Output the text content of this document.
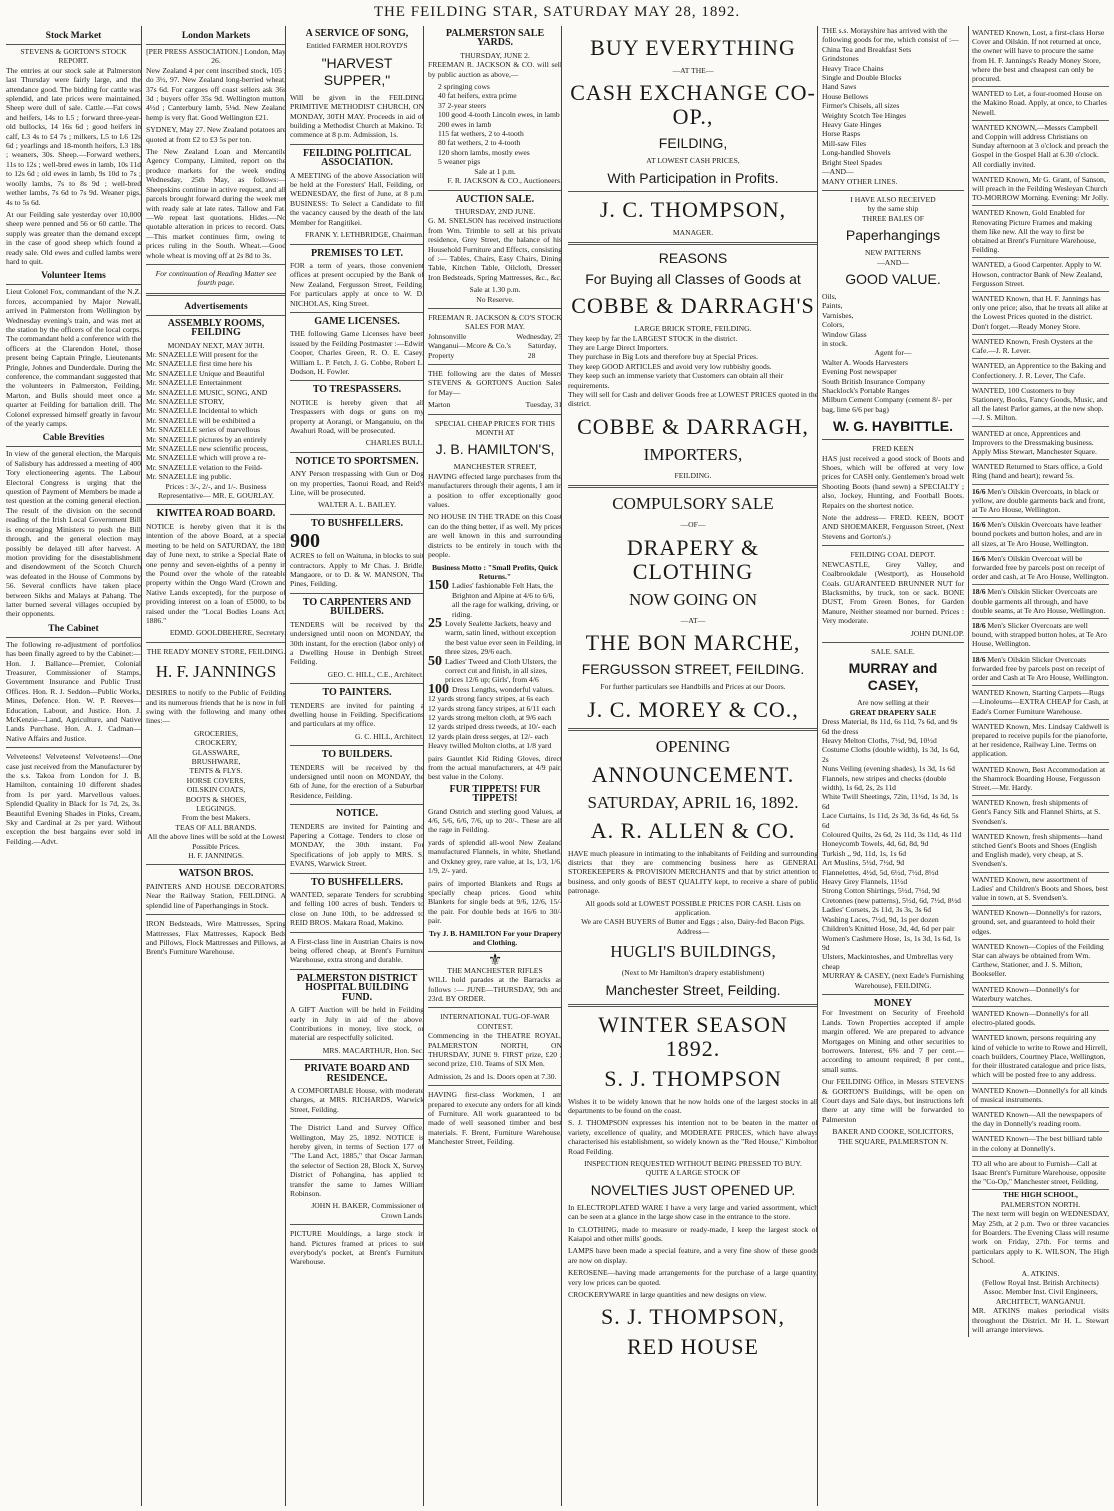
THE FEILDING STAR, SATURDAY MAY 28, 1892.
Stock Market
STEVENS & GORTON'S STOCK REPORT.

The entries at our stock sale at Palmerston last Thursday were fairly large, and the attendance good. The bidding for cattle was splendid, and late prices were maintained. Sheep were dull of sale. Cattle.—Fat cows and heifers, 14s to L5 ; forward three-year-old bullocks, 14 16s 6d ; good heifers in calf, L3 4s to £4 7s ; milkers, L5 to L6 12s 6d ; yearlings and 18-month heifers, L3 18s ; weaners, 30s. Sheep.—Forward wethers, 11s to 12s ; well-bred ewes in lamb, 10s 11d to 12s 6d ; old ewes in lamb, 9s 10d to 7s ; woolly lambs, 7s to 8s 9d ; well-bred wether lambs, 7s 6d to 7s 9d. Weaner pigs, 4s to 5s 6d.

At our Feilding sale yesterday over 10,000 sheep were penned and 56 or 60 cattle. The supply was greater than the demand except in the case of good sheep which found a ready sale. Old ewes and culled lambs were hard to quit.

Volunteer Items

Lieut Colonel Fox, commandant of the N.Z. forces, accompanied by Major Newall, arrived in Palmerston from Wellington by Wednesday evening's train, and was met at the station by the officers of the local corps. The commandant held a conference with the officers at the Clarendon Hotel, those present being Captain Pringle, Lieutenants Pringle, Johnes and Dunderdale. During the conference, the commandant suggested that the volunteers in Palmerston, Feilding, Marton, and Bulls should meet once a quarter at Feilding for battalion drill. The Colonel expressed himself greatly in favour of the yearly camps.

Cable Brevities

In view of the general election, the Marquis of Salisbury has addressed a meeting of 400 Tory electioneering agents. The Labour Electoral Congress is urging that the question of Payment of Members be made a test question at the coming general election. The result of the division on the second reading of the Irish Local Government Bill is encouraging Ministers to push the Bill through, and the general election may possibly be delayed till after harvest. A motion providing for the disestablishment and disendowment of the Scotch Church was defeated in the House of Commons by 56. Several conflicts have taken place between Sikhs and Malays at Pahang. The latter burned several villages occupied by their opponents.

The Cabinet

The following re-adjustment of portfolios has been finally agreed to by the Cabinet:— Hon. J. Ballance—Premier, Colonial Treasurer, Commissioner of Stamps, Government Insurance and Public Trust Offices. Hon. R. J. Seddon—Public Works, Mines, Defence. Hon. W. P. Reeves—Education, Labour, and Justice. Hon. J. McKenzie—Land, Agriculture, and Native Lands Purchase. Hon. A. J. Cadman—Native Affairs and Justice.

Velveteens! Velveteens! Velveteens!—One case just received from the Manufacturer by the s.s. Takoa from London for J. B. Hamilton, containing 10 different shades from 1s per yard. Marvellous values. Splendid Quality in Black for 1s 7d, 2s, 3s. Beautiful Evening Shades in Pinks, Cream, Sky and Cardinal at 2s per yard. Without exception the best bargains ever sold in Feilding.—Advt.

London Markets
[PER PRESS ASSOCIATION.] London, May 26.

New Zealand 4 per cent inscribed stock, 105 ; do 3½, 97. New Zealand long-berried wheat, 37s 6d. For cargoes off coast sellers ask 36s 3d ; buyers offer 35s 9d. Wellington mutton, 4½d ; Canterbury lamb, 5⅛d. New Zealand hemp is very flat. Good Wellington £21.

SYDNEY, May 27. New Zealand potatoes are quoted at from £2 to £3 5s per ton.

The New Zealand Loan and Mercantile Agency Company, Limited, report on the produce markets for the week ending Wednesday, 25th May, as follows:— Sheepskins continue in active request, and all parcels brought forward during the week met with ready sale at late rates. Tallow and Fat.—We repeat last quotations. Hides.—No quotable alteration in prices to record. Oats.—This market continues firm, owing to prices ruling in the South. Wheat.—Good whole wheat is moving off at 2s 8d to 3s.

For continuation of Reading Matter see fourth page.
Advertisements
ASSEMBLY ROOMS, FEILDING
MONDAY NEXT, MAY 30TH.
Mr. SNAZELLE Will present for the
Mr. SNAZELLE first time here his
Mr. SNAZELLE Unique and Beautiful
Mr. SNAZELLE Entertainment
Mr. SNAZELLE MUSIC, SONG, AND
Mr. SNAZELLE STORY,
Mr. SNAZELLE Incidental to which
Mr. SNAZELLE will be exhibited a
Mr. SNAZELLE series of marvellous
Mr. SNAZELLE pictures by an entirely
Mr. SNAZELLE new scientific process,
Mr. SNAZELLE which will prove a re-
Mr. SNAZELLE velation to the Feild-
Mr. SNAZELLE ing public.

Prices : 3/-, 2/-, and 1/-. Business Representative— MR. E. GOURLAY.

KIWITEA ROAD BOARD.

NOTICE is hereby given that it is the intention of the above Board, at a special meeting to be held on SATURDAY, the 18th day of June next, to strike a Special Rate of one penny and seven-eighths of a penny in the Pound over the whole of the rateable property within the Ongo Ward (Crown and Native Lands excepted), for the purpose of providing interest on a loan of £5000, to be raised under the "Local Bodies Loans Act, 1886."

EDMD. GOOLDBEHERE, Secretary.
THE READY MONEY STORE, FEILDING.
H. F. JANNINGS

DESIRES to notify to the Public of Feilding and its numerous friends that he is now in full swing with the following and many other lines:—

GROCERIES,
CROCKERY,
GLASSWARE,
BRUSHWARE,
TENTS & FLYS.
HORSE COVERS,
OILSKIN COATS,
BOOTS & SHOES,
LEGGINGS.
From the best Makers.
TEAS OF ALL BRANDS.
All the above lines will be sold at the Lowest Possible Prices.
H. F. JANNINGS.
WATSON BROS.

PAINTERS AND HOUSE DECORATORS. Near the Railway Station, FEILDING. A splendid line of Paperhangings in Stock.

IRON Bedsteads, Wire Mattresses, Spring Mattresses, Flax Mattresses, Kapock Beds and Pillows, Flock Mattresses and Pillows, at Brent's Furniture Warehouse.

A SERVICE OF SONG,
Entitled FARMER HOLROYD'S
"HARVEST SUPPER,"

Will be given in the FEILDING PRIMITIVE METHODIST CHURCH, ON MONDAY, 30TH MAY. Proceeds in aid of building a Methodist Church at Makino. To commence at 8 p.m. Admission, 1s.

FEILDING POLITICAL ASSOCIATION.

A MEETING of the above Association will be held at the Foresters' Hall, Feilding, on WEDNESDAY, the first of June, at 8 p.m. BUSINESS: To Select a Candidate to fill the vacancy caused by the death of the late Member for Rangitikei.

FRANK Y. LETHBRIDGE, Chairman.
PREMISES TO LET.

FOR a term of years, those convenient offices at present occupied by the Bank of New Zealand, Fergusson Street, Feilding. For particulars apply at once to W. D. NICHOLAS, King Street.

GAME LICENSES.

THE following Game Licenses have been issued by the Feilding Postmaster :—Edwin Cooper, Charles Green, R. O. E. Casey, William L. P. Fetch, J. G. Cobbe, Robert L. Dodson, H. Fowler.

TO TRESPASSERS.

NOTICE is hereby given that all Trespassers with dogs or guns on my property at Aorangi, or Manganuiu, on the Awahuri Road, will be prosecuted.

CHARLES BULL.
NOTICE TO SPORTSMEN.

ANY Person trespassing with Gun or Dog on my properties, Taonui Road, and Reid's Line, will be prosecuted.

WALTER A. L. BAILEY.
TO BUSHFELLERS.
900

ACRES to fell on Waituna, in blocks to suit contractors. Apply to Mr Chas. J. Bridle, Mangaore, or to D. & W. MANSON, The Pines, Feilding.

TO CARPENTERS AND BUILDERS.

TENDERS will be received by the undersigned until noon on MONDAY, the 30th instant, for the erection (labor only) of a Dwelling House in Denbigh Street, Feilding.

GEO. C. HILL, C.E., Architect.
TO PAINTERS.

TENDERS are invited for painting a dwelling house in Feilding. Specifications and particulars at my office.

G. C. HILL, Architect.
TO BUILDERS.

TENDERS will be received by the undersigned until noon on MONDAY, the 6th of June, for the erection of a Suburban Residence, Feilding.

NOTICE.

TENDERS are invited for Painting and Papering a Cottage. Tenders to close on MONDAY, the 30th instant. For Specifications of job apply to MRS. S. EVANS, Warwick Street.

TO BUSHFELLERS.

WANTED, separate Tenders for scrubbing and felling 100 acres of bush. Tenders to close on June 10th, to be addressed to REID BROS. Makara Road, Makino.

A First-class line in Austrian Chairs is now being offered cheap, at Brent's Furniture Warehouse, extra strong and durable.

PALMERSTON DISTRICT HOSPITAL BUILDING FUND.

A GIFT Auction will be held in Feilding early in July in aid of the above. Contributions in money, live stock, or material are respectfully solicited.

MRS. MACARTHUR, Hon. Sec.
PRIVATE BOARD AND RESIDENCE.

A COMFORTABLE House, with moderate charges, at MRS. RICHARDS, Warwick Street, Feilding.

The District Land and Survey Office, Wellington, May 25, 1892. NOTICE is hereby given, in terms of Section 177 of "The Land Act, 1885," that Oscar Jarman, the selector of Section 28, Block X, Survey District of Pohangina, has applied to transfer the same to James William Robinson.

JOHN H. BAKER, Commissioner of Crown Lands.

PICTURE Mouldings, a large stock in hand. Pictures framed at prices to suit everybody's pocket, at Brent's Furniture Warehouse.

PALMERSTON SALE YARDS.
THURSDAY, JUNE 2.

FREEMAN R. JACKSON & CO. will sell by public auction as above,—

2 springing cows
40 fat heifers, extra prime
37 2-year steers
100 good 4-tooth Lincoln ewes, in lamb
200 ewes in lamb
115 fat wethers, 2 to 4-tooth
80 fat wethers, 2 to 4-tooth
120 shorn lambs, mostly ewes
5 weaner pigs
Sale at 1 p.m.
F. R. JACKSON & CO., Auctioneers.
AUCTION SALE.
THURSDAY, 2ND JUNE.

G. M. SNELSON has received instructions from Wm. Trimble to sell at his private residence, Grey Street, the balance of his Household Furniture and Effects, consisting of :— Tables, Chairs, Easy Chairs, Dining Table, Kitchen Table, Oilcloth, Dresser, Iron Bedsteads, Spring Mattresses, &c., &c.

Sale at 1.30 p.m.
No Reserve.
FREEMAN R. JACKSON & CO'S STOCK SALES FOR MAY.
Johnsonville	Wednesday, 25
Wanganui—Mcore & Co.'s Property
Saturday, 28

THE following are the dates of Messrs STEVENS & GORTON'S Auction Sales for May—

Marton	Tuesday, 31
SPECIAL CHEAP PRICES FOR THIS MONTH AT
J. B. HAMILTON'S,
MANCHESTER STREET,

HAVING effected large purchases from the manufacturers through their agents, I am in a position to offer exceptionally good values.

NO HOUSE IN THE TRADE on this Coast can do the thing better, if as well. My prices are well known in this and surrounding districts to be entirely in touch with the people.

Business Motto : "Small Profits, Quick Returns."
150 Ladies' fashionable Felt Hats, the Brighton and Alpine at 4/6 to 6/6, all the rage for walking, driving, or riding.
25 Lovely Sealette Jackets, heavy and warm, satin lined, without exception the best value ever seen in Feilding, in three sizes, 29/6 each.
50 Ladies' Tweed and Cloth Ulsters, the correct cut and finish, in all sizes, prices 12/6 up; Girls', from 4/6
100 Dress Lengths, wonderful values.
12 yards strong fancy stripes, at 6s each
12 yards strong fancy stripes, at 6/11 each
12 yards strong melton cloth, at 9/6 each
12 yards striped dress tweeds, at 10/- each
12 yards plain dress serges, at 12/- each

Heavy twilled Molton cloths, at 1/8 yard

pairs Gauntlet Kid Riding Gloves, direct from the actual manufacturers, at 4/9 pair, best value in the Colony.

FUR TIPPETS! FUR TIPPETS!

Grand Ostrich and sterling good Values, at 4/6, 5/6, 6/6, 7/6, up to 20/-. These are all the rage in Feilding.

yards of splendid all-wool New Zealand manufactured Flannels, in white, Shetland, and Oxkney grey, rare value, at 1s, 1/3, 1/6, 1/9, 2/- yard.

pairs of imported Blankets and Rugs at specially cheap prices. Good white Blankets for single beds at 9/6, 12/6, 15/- the pair. For double beds at 16/6 to 30/- pair.

Try J. B. HAMILTON For your Drapery and Clothing.
⚜
THE MANCHESTER RIFLES

WILL hold parades at the Barracks as follows :— JUNE—THURSDAY, 9th and 23rd. BY ORDER.

INTERNATIONAL TUG-OF-WAR CONTEST.

Commencing in the THEATRE ROYAL, PALMERSTON NORTH, ON THURSDAY, JUNE 9. FIRST prize, £20 ; second prize, £10. Teams of SIX Men.

Admission, 2s and 1s. Doors open at 7.30.

HAVING first-class Workmen, I am prepared to execute any orders for all kinds of Furniture. All work guaranteed to be made of well seasoned timber and best materials. F. Brent, Furniture Warehouse, Manchester Street, Feilding.

BUY EVERYTHING
—AT THE—
CASH EXCHANGE CO-OP.,
FEILDING,
AT LOWEST CASH PRICES,
With Participation in Profits.
J. C. THOMPSON,
MANAGER.
REASONS
For Buying all Classes of Goods at
COBBE & DARRAGH'S
LARGE BRICK STORE, FEILDING.
They keep by far the LARGEST STOCK in the district.
They are Large Direct Importers.
They purchase in Big Lots and therefore buy at Special Prices.
They keep GOOD ARTICLES and avoid very low rubbishy goods.
They keep such an immense variety that Customers can obtain all their requirements.
They will sell for Cash and deliver Goods free at LOWEST PRICES quoted in the district.
COBBE & DARRAGH,
IMPORTERS,
FEILDING.
COMPULSORY SALE
—OF—
DRAPERY & CLOTHING
NOW GOING ON
—AT—
THE BON MARCHE,
FERGUSSON STREET, FEILDING.
For further particulars see Handbills and Prices at our Doors.
J. C. MOREY & CO.,
OPENING
ANNOUNCEMENT.
SATURDAY, APRIL 16, 1892.
A. R. ALLEN & CO.

HAVE much pleasure in intimating to the inhabitants of Feilding and surrounding districts that they are commencing business here as GENERAL STOREKEEPERS & PROVISION MERCHANTS and that by strict attention to business, and only goods of BEST QUALITY kept, to receive a share of public patronage.

All goods sold at LOWEST POSSIBLE PRICES FOR CASH. Lists on application.
We are CASH BUYERS of Butter and Eggs ; also, Dairy-fed Bacon Pigs.
Address—
HUGLI'S BUILDINGS,
(Next to Mr Hamilton's drapery establishment)
Manchester Street, Feilding.
WINTER SEASON 1892.
S. J. THOMPSON

Wishes it to be widely known that he now holds one of the largest stocks in all departments to be found on the coast.

S. J. THOMPSON expresses his intention not to be beaten in the matter of variety, excellence of quality, and MODERATE PRICES, which have always characterised his establishment, so widely known as the "Red House," Kimbolton Road Feilding.

INSPECTION REQUESTED WITHOUT BEING PRESSED TO BUY.
QUITE A LARGE STOCK OF
NOVELTIES JUST OPENED UP.

In ELECTROPLATED WARE I have a very large and varied assortment, which can be seen at a glance in the large show case in the entrance to the store.

In CLOTHING, made to measure or ready-made, I keep the largest stock of Kaiapoi and other mills' goods.

LAMPS have been made a special feature, and a very fine show of these goods are now on display.

KEROSENE—having made arrangements for the purchase of a large quantity, very low prices can be quoted.

CROCKERYWARE in large quantities and new designs on view.

S. J. THOMPSON,
RED HOUSE
THE s.s. Morayshire has arrived with the following goods for me, which consist of :—
China Tea and Breakfast Sets
Grindstones
Heavy Trace Chains
Single and Double Blocks
Hand Saws
House Bellows
Firmer's Chisels, all sizes
Weighty Scotch Tee Hinges
Heavy Gate Hinges
Horse Rasps
Mill-saw Files
Long-handled Shovels
Bright Steel Spades
—AND—
MANY OTHER LINES.
I HAVE ALSO RECEIVED
by the same ship
THREE BALES OF
Paperhangings
NEW PATTERNS
—AND—
GOOD VALUE.
Oils,
Paints,
Varnishes,
Colors,
Window Glass
in stock.
Agent for—
Walter A. Woods Harvesters
Evening Post newspaper
South British Insurance Company
Shacklock's Portable Ranges
Milburn Cement Company (cement 8/- per bag, lime 6/6 per bag)
W. G. HAYBITTLE.
FRED KEEN

HAS just received a good stock of Boots and Shoes, which will be offered at very low prices for CASH only. Gentlemen's broad welt Shooting Boots (hand sewn) a SPECIALTY ; also, Jockey, Hunting, and Football Boots. Repairs on the shortest notice.

Note the address— FRED. KEEN, BOOT AND SHOEMAKER, Fergusson Street, (Next Stevens and Gorton's.)

FEILDING COAL DEPOT.

NEWCASTLE, Grey Valley, and Coalbrookdale (Westport), as Household Coals. GUARANTEED BRUNNER NUT for Blacksmiths, by truck, ton or sack. BONE DUST, From Green Bones, for Garden Manure, Neither steamed nor burned. Prices : Very moderate.

JOHN DUNLOP.
SALE. SALE.
MURRAY and CASEY,
Are now selling at their
GREAT DRAPERY SALE
Dress Material, 8s 11d, 6s 11d, 7s 6d, and 9s 6d the dress
Heavy Melton Cloths, 7½d, 9d, 10½d
Costume Cloths (double width), 1s 3d, 1s 6d, 2s
Nuns Veiling (evening shades), 1s 3d, 1s 6d
Flannels, new stripes and checks (double width), 1s 6d, 2s, 2s 11d
White Twill Sheetings, 72in, 11½d, 1s 3d, 1s 6d
Lace Curtains, 1s 11d, 2s 3d, 3s 6d, 4s 6d, 5s 6d
Coloured Quilts, 2s 6d, 2s 11d, 3s 11d, 4s 11d
Honeycomb Towels, 4d, 6d, 8d, 9d
Turkish ,, 9d, 11d, 1s, 1s 6d
Art Muslins, 5½d, 7½d, 9d
Flannelettes, 4½d, 5d, 6½d, 7½d, 8½d
Heavy Grey Flannels, 11½d
Strong Cotton Shirtings, 5½d, 7½d, 9d
Cretonnes (new patterns), 5½d, 6d, 7½d, 8½d
Ladies' Corsets, 2s 11d, 3s 3s, 3s 6d
Washing Laces, 7½d, 9d, 1s per dozen
Children's Knitted Hose, 3d, 4d, 6d per pair
Women's Cashmere Hose, 1s, 1s 3d, 1s 6d, 1s 9d
Ulsters, Mackintoshes, and Umbrellas very cheap
MURRAY & CASEY, (next Eade's Furnishing Warehouse), FEILDING.
MONEY

For Investment on Security of Freehold Lands. Town Properties accepted if ample margin offered. We are prepared to advance Mortgages on Mining and other securities to borrowers. Interest, 6% and 7 per cent.—according to amount required; 8 per cent., small sums.

Our FEILDING Office, in Messrs STEVENS & GORTON'S Buildings, will be open on Court days and Sale days, but instructions left there at any time will be forwarded to Palmerston

BAKER AND COOKE, SOLICITORS,
THE SQUARE, PALMERSTON N.
WANTED Known, Lost, a first-class Horse Cover and Oilskin. If not returned at once, the owner will have to procure the same from H. F. Jannings's Ready Money Store, where the best and cheapest can only be procured.
WANTED to Let, a four-roomed House on the Makino Road. Apply, at once, to Charles Newell.
WANTED KNOWN,—Messrs Campbell and Coppin will address Christians on Sunday afternoon at 3 o'clock and preach the Gospel in the Gospel Hall at 6.30 o'clock. All cordially invited.
WANTED Known, Mr G. Grant, of Sanson, will preach in the Feilding Wesleyan Church TO-MORROW Morning. Evening: Mr Jolly.
WANTED Known, Gold Enabled for Renovating Picture Frames and making them like new. All the way to first be obtained at Brent's Furniture Warehouse, Feilding.
WANTED, a Good Carpenter. Apply to W. Howson, contractor Bank of New Zealand, Fergusson Street.
WANTED Known, that H. F. Jannings has only one price; also, that he treats all alike at the Lowest Prices quoted in the district. Don't forget.—Ready Money Store.
WANTED Known, Fresh Oysters at the Cafe.—J. R. Lever.
WANTED, an Apprentice to the Baking and Confectionery. J. R. Lever, The Cafe.
WANTED, 100 Customers to buy Stationery, Books, Fancy Goods, Music, and all the latest Parlor games, at the new shop.—J. S. Milton.
WANTED at once, Apprentices and Improvers to the Dressmaking business. Apply Miss Stewart, Manchester Square.
WANTED Returned to Stars office, a Gold Ring (hand and heart); reward 5s.
16/6 Men's Oilskin Overcoats, in black or yellow, are double garments back and front, at Te Aro House, Wellington.
16/6 Men's Oilskin Overcoats have leather bound pockets and button holes, and are in all sizes, at Te Aro House, Wellington.
16/6 Men's Oilskin Overcoat will be forwarded free by parcels post on receipt of order and cash, at Te Aro House, Wellington.
18/6 Men's Oilskin Slicker Overcoats are double garments all through, and have double seams, at Te Aro House, Wellington.
18/6 Men's Slicker Overcoats are well bound, with strapped button holes, at Te Aro House, Wellington.
18/6 Men's Oilskin Slicker Overcoats forwarded free by parcels post on receipt of order and Cash at Te Aro House, Wellington.
WANTED Known, Starting Carpets—Rugs—Linoleums—EXTRA CHEAP for Cash, at Eade's Corner Furniture Warehouse.
WANTED Known, Mrs. Lindsay Caldwell is prepared to receive pupils for the pianoforte, at her residence, Railway Line. Terms on application.
WANTED Known, Best Accommodation at the Shamrock Boarding House, Fergusson Street.—Mr. Hardy.
WANTED Known, fresh shipments of Gent's Fancy Silk and Flannel Shirts, at S. Svendsen's.
WANTED Known, fresh shipments—hand stitched Gent's Boots and Shoes (English and English made), very cheap, at S. Svendsen's.
WANTED Known, new assortment of Ladies' and Children's Boots and Shoes, best value in town, at S. Svendsen's.
WANTED Known—Donnelly's for razors, ground, set, and guaranteed to hold their edges.
WANTED Known—Copies of the Feilding Star can always be obtained from Wm. Carthew, Stationer, and J. S. Milton, Bookseller.
WANTED Known—Donnelly's for Waterbury watches.
WANTED Known—Donnelly's for all electro-plated goods.
WANTED known, persons requiring any kind of vehicle to write to Rowe and Hirrell, coach builders, Courtney Place, Wellington, for their illustrated catalogue and price lists, which will be posted free to any address.
WANTED Known—Donnelly's for all kinds of musical instruments.
WANTED Known—All the newspapers of the day in Donnelly's reading room.
WANTED Known—The best billiard table in the colony at Donnelly's.
TO all who are about to Furnish—Call at Isaac Brent's Furniture Warehouse, opposite the "Co-Op," Manchester street, Feilding.
THE HIGH SCHOOL,
PALMERSTON NORTH.

The next term will begin on WEDNESDAY, May 25th, at 2 p.m. Two or three vacancies for Boarders. The Evening Class will resume work on Friday, 27th. For terms and particulars apply to K. WILSON, The High School.

A. ATKINS.
(Fellow Royal Inst. British Architects) Assoc. Member Inst. Civil Engineers, ARCHITECT, WANGANUI.

MR. ATKINS makes periodical visits throughout the District. Mr H. L. Stewart will arrange interviews.
